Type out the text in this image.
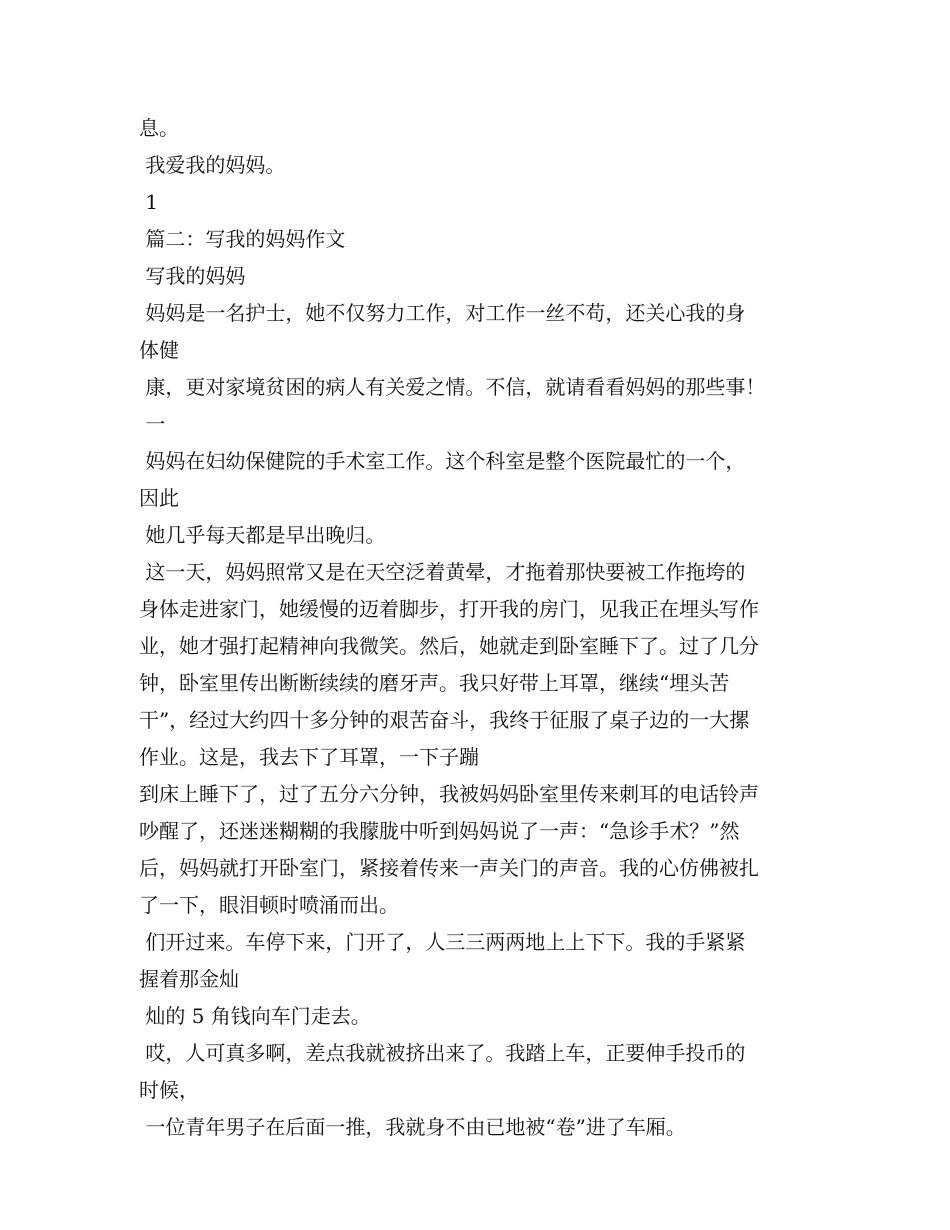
息。
我爱我的妈妈。
1
篇二：写我的妈妈作文
写我的妈妈
妈妈是一名护士，她不仅努力工作，对工作一丝不苟，还关心我的身
体健
康，更对家境贫困的病人有关爱之情。不信，就请看看妈妈的那些事！
一
妈妈在妇幼保健院的手术室工作。这个科室是整个医院最忙的一个，
因此
她几乎每天都是早出晚归。
这一天，妈妈照常又是在天空泛着黄晕，才拖着那快要被工作拖垮的
身体走进家门，她缓慢的迈着脚步，打开我的房门，见我正在埋头写作
业，她才强打起精神向我微笑。然后，她就走到卧室睡下了。过了几分
钟，卧室里传出断断续续的磨牙声。我只好带上耳罩，继续“埋头苦
干”，经过大约四十多分钟的艰苦奋斗，我终于征服了桌子边的一大摞
作业。这是，我去下了耳罩，一下子蹦
到床上睡下了，过了五分六分钟，我被妈妈卧室里传来刺耳的电话铃声
吵醒了，还迷迷糊糊的我朦胧中听到妈妈说了一声：“急诊手术？”然
后，妈妈就打开卧室门，紧接着传来一声关门的声音。我的心仿佛被扎
了一下，眼泪顿时喷涌而出。
们开过来。车停下来，门开了，人三三两两地上上下下。我的手紧紧
握着那金灿
灿的 5 角钱向车门走去。
哎，人可真多啊，差点我就被挤出来了。我踏上车，正要伸手投币的
时候，
一位青年男子在后面一推，我就身不由已地被“卷”进了车厢。
